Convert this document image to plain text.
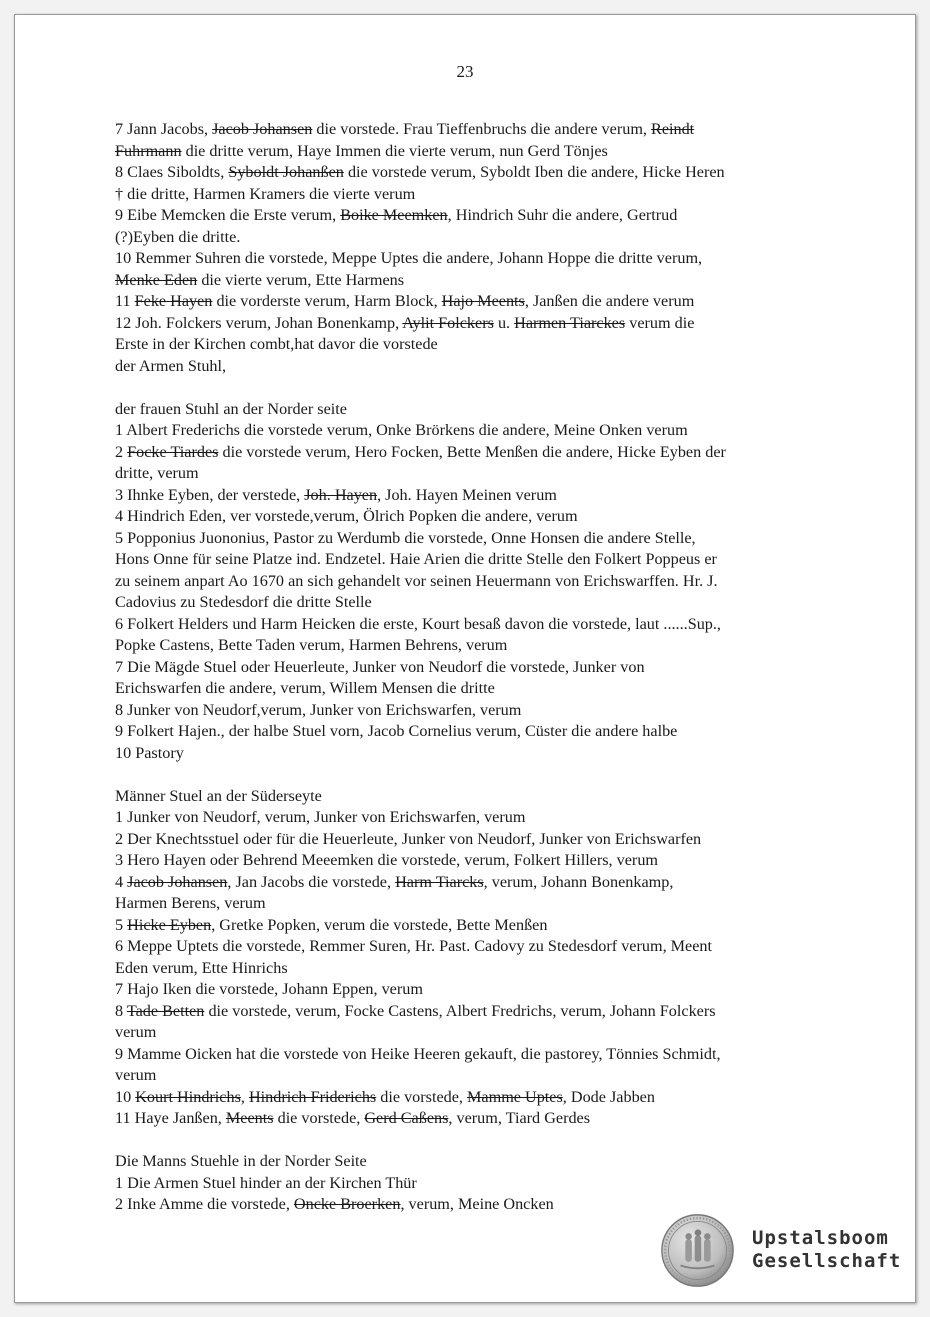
23
7 Jann Jacobs, Jacob Johansen die vorstede. Frau Tieffenbruchs die andere verum, Reindt
Fuhrmann die dritte verum, Haye Immen die vierte verum, nun Gerd Tönjes
8 Claes Siboldts, Syboldt Johanßen die vorstede verum, Syboldt Iben die andere, Hicke Heren
† die dritte, Harmen Kramers die vierte verum
9 Eibe Memcken die Erste verum, Boike Meemken, Hindrich Suhr die andere, Gertrud
(?)Eyben die dritte.
10 Remmer Suhren die vorstede, Meppe Uptes die andere, Johann Hoppe die dritte verum,
Menke Eden die vierte verum, Ette Harmens
11 Feke Hayen die vorderste verum, Harm Block, Hajo Meents, Janßen die andere verum
12 Joh. Folckers verum, Johan Bonenkamp, Aylit Folckers u. Harmen Tiarckes verum die
Erste in der Kirchen combt,hat davor die vorstede
der Armen Stuhl,
der frauen Stuhl an der Norder seite
1 Albert Frederichs die vorstede verum, Onke Brörkens die andere, Meine Onken verum
2 Focke Tiardes die vorstede verum, Hero Focken, Bette Menßen die andere, Hicke Eyben der
dritte, verum
3 Ihnke Eyben, der verstede, Joh. Hayen, Joh. Hayen Meinen verum
4 Hindrich Eden, ver vorstede,verum, Ölrich Popken die andere, verum
5 Popponius Juononius, Pastor zu Werdumb die vorstede, Onne Honsen die andere Stelle,
Hons Onne für seine Platze ind. Endzetel. Haie Arien die dritte Stelle den Folkert Poppeus er
zu seinem anpart Ao 1670 an sich gehandelt vor seinen Heuermann von Erichswarffen. Hr. J.
Cadovius zu Stedesdorf die dritte Stelle
6 Folkert Helders und Harm Heicken die erste, Kourt besaß davon die vorstede, laut ......Sup.,
Popke Castens, Bette Taden verum, Harmen Behrens, verum
7 Die Mägde Stuel oder Heuerleute, Junker von Neudorf die vorstede, Junker von
Erichswarfen die andere, verum, Willem Mensen die dritte
8 Junker von Neudorf,verum, Junker von Erichswarfen, verum
9 Folkert Hajen., der halbe Stuel vorn, Jacob Cornelius verum, Cüster die andere halbe
10 Pastory
Männer Stuel an der Süderseyte
1 Junker von Neudorf, verum, Junker von Erichswarfen, verum
2 Der Knechtsstuel oder für die Heuerleute, Junker von Neudorf, Junker von Erichswarfen
3 Hero Hayen oder Behrend Meeemken die vorstede, verum, Folkert Hillers, verum
4 Jacob Johansen, Jan Jacobs die vorstede, Harm Tiarcks, verum, Johann Bonenkamp,
Harmen Berens, verum
5 Hicke Eyben, Gretke Popken, verum die vorstede, Bette Menßen
6 Meppe Uptets die vorstede, Remmer Suren, Hr. Past. Cadovy zu Stedesdorf verum, Meent
Eden verum, Ette Hinrichs
7 Hajo Iken die vorstede, Johann Eppen, verum
8 Tade Betten die vorstede, verum, Focke Castens, Albert Fredrichs, verum, Johann Folckers
verum
9 Mamme Oicken hat die vorstede von Heike Heeren gekauft, die pastorey, Tönnies Schmidt,
verum
10 Kourt Hindrichs, Hindrich Friderichs die vorstede, Mamme Uptes, Dode Jabben
11 Haye Janßen, Meents die vorstede, Gerd Caßens, verum, Tiard Gerdes
Die Manns Stuehle in der Norder Seite
1 Die Armen Stuel hinder an der Kirchen Thür
2 Inke Amme die vorstede, Oncke Broerken, verum, Meine Oncken
Upstalsboom
Gesellschaft
